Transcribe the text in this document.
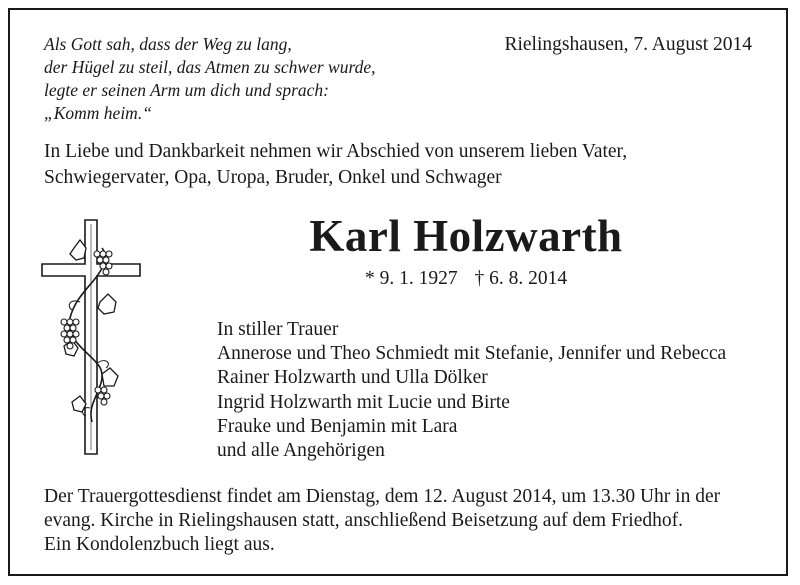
Als Gott sah, dass der Weg zu lang,
der Hügel zu steil, das Atmen zu schwer wurde,
legte er seinen Arm um dich und sprach:
„Komm heim.“
Rielingshausen, 7. August 2014
In Liebe und Dankbarkeit nehmen wir Abschied von unserem lieben Vater,
Schwiegervater, Opa, Uropa, Bruder, Onkel und Schwager
Karl Holzwarth
* 9. 1. 1927 † 6. 8. 2014
In stiller Trauer
Annerose und Theo Schmiedt mit Stefanie, Jennifer und Rebecca
Rainer Holzwarth und Ulla Dölker
Ingrid Holzwarth mit Lucie und Birte
Frauke und Benjamin mit Lara
und alle Angehörigen
Der Trauergottesdienst findet am Dienstag, dem 12. August 2014, um 13.30 Uhr in der
evang. Kirche in Rielingshausen statt, anschließend Beisetzung auf dem Friedhof.
Ein Kondolenzbuch liegt aus.
